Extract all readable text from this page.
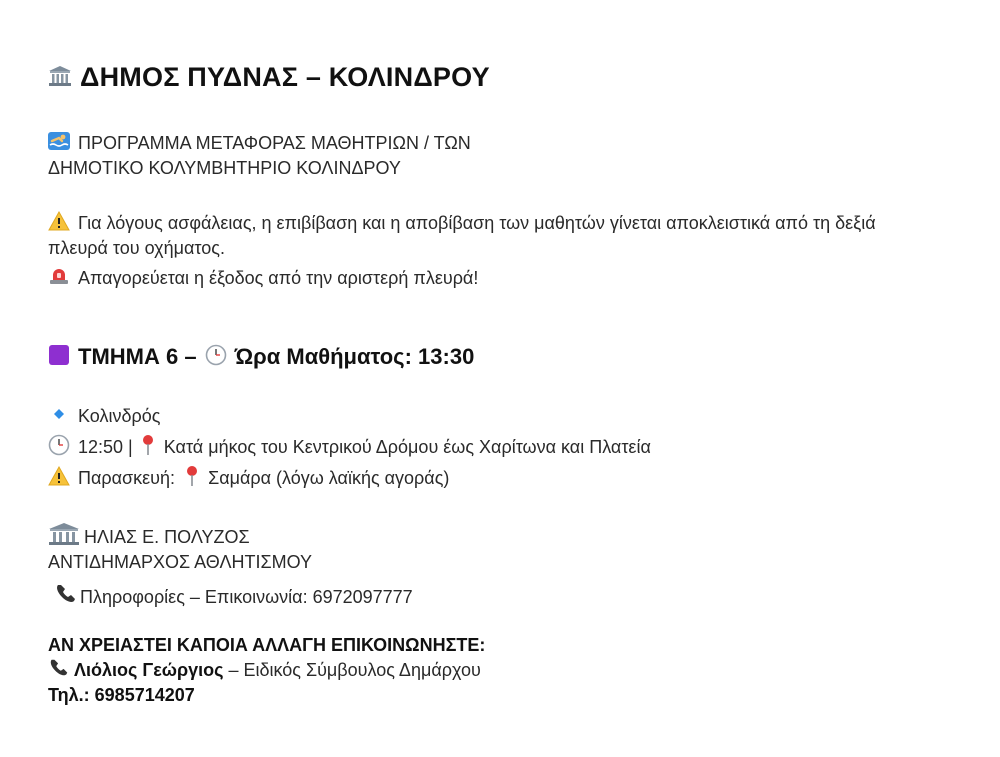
ΔΗΜΟΣ ΠΥΔΝΑΣ – ΚΟΛΙΝΔΡΟΥ
ΠΡΟΓΡΑΜΜΑ ΜΕΤΑΦΟΡΑΣ ΜΑΘΗΤΡΙΩΝ / ΤΩΝ
ΔΗΜΟΤΙΚΟ ΚΟΛΥΜΒΗΤΗΡΙΟ ΚΟΛΙΝΔΡΟΥ
Για λόγους ασφάλειας, η επιβίβαση και η αποβίβαση των μαθητών γίνεται αποκλειστικά από τη δεξιά πλευρά του οχήματος.
Απαγορεύεται η έξοδος από την αριστερή πλευρά!
ΤΜΗΜΑ 6 – Ώρα Μαθήματος: 13:30
Κολινδρός
12:50 | Κατά μήκος του Κεντρικού Δρόμου έως Χαρίτωνα και Πλατεία
Παρασκευή: Σαμάρα (λόγω λαϊκής αγοράς)
ΗΛΙΑΣ Ε. ΠΟΛΥΖΟΣ
ΑΝΤΙΔΗΜΑΡΧΟΣ ΑΘΛΗΤΙΣΜΟΥ
Πληροφορίες – Επικοινωνία: 6972097777
ΑΝ ΧΡΕΙΑΣΤΕΙ ΚΑΠΟΙΑ ΑΛΛΑΓΗ ΕΠΙΚΟΙΝΩΝΗΣΤΕ:
Λιόλιος Γεώργιος – Ειδικός Σύμβουλος Δημάρχου
Τηλ.: 6985714207
